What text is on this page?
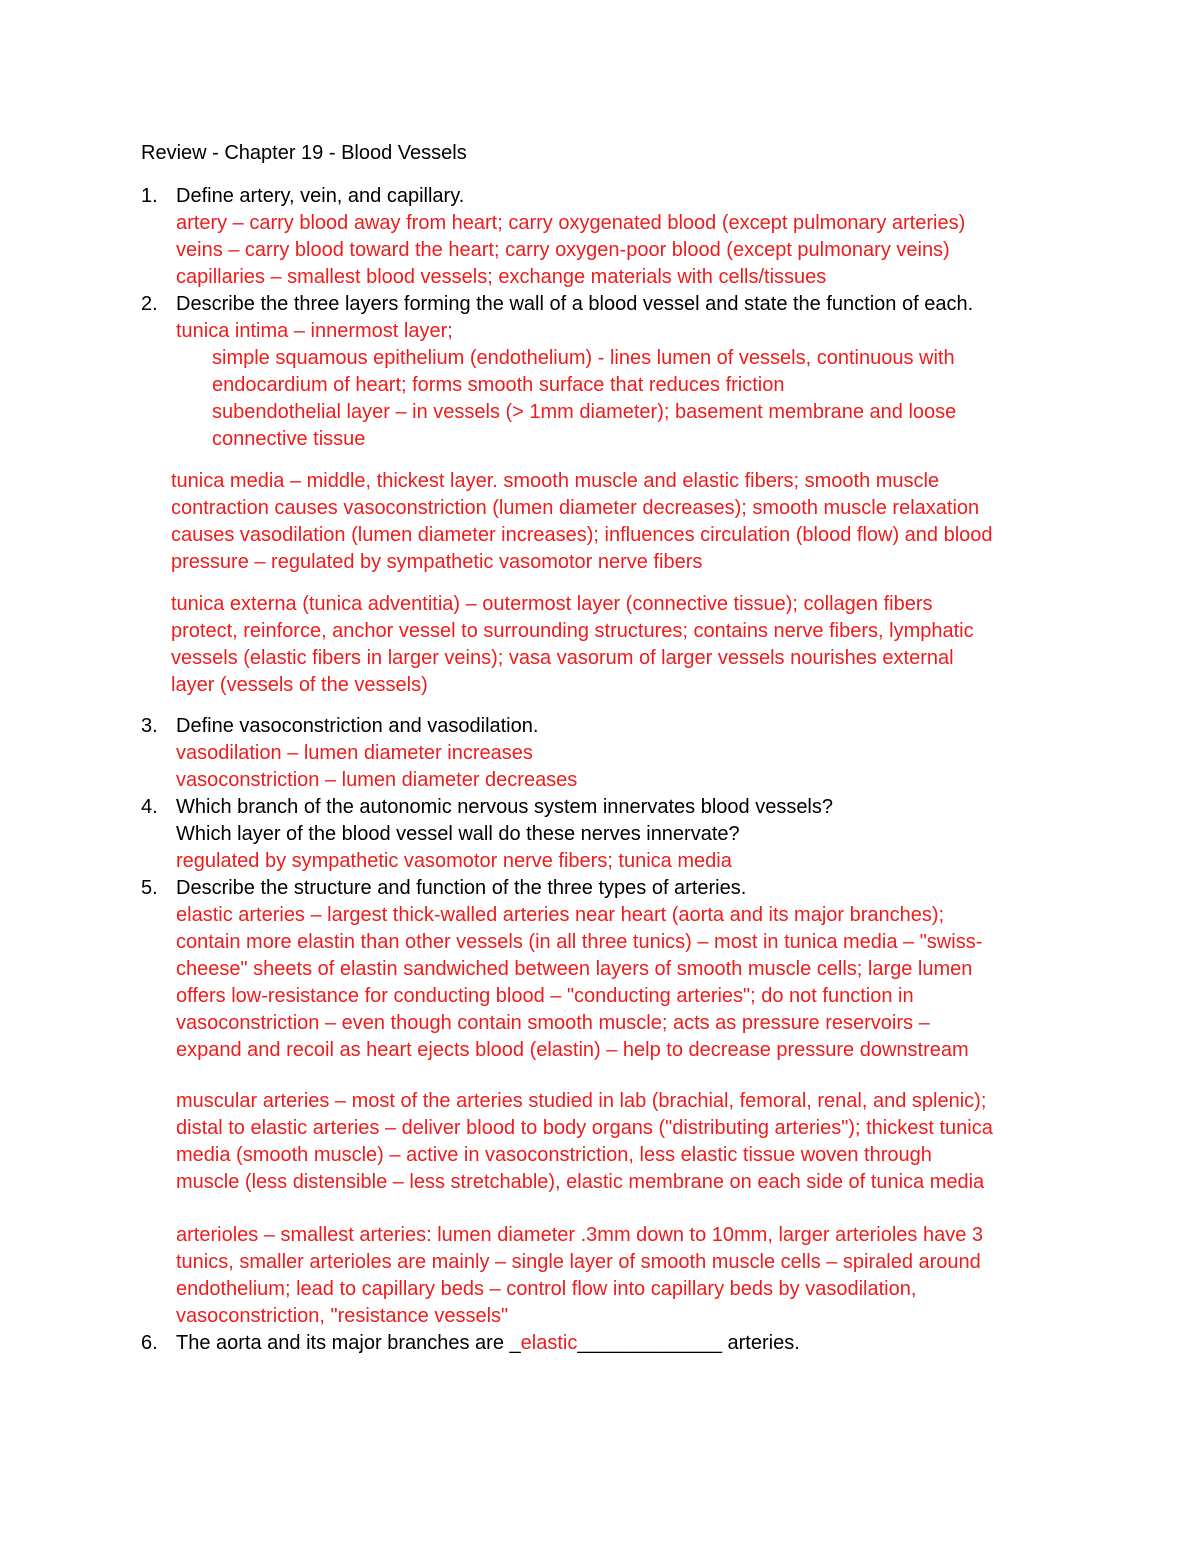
Review - Chapter 19 - Blood Vessels
1. Define artery, vein, and capillary.
artery – carry blood away from heart; carry oxygenated blood (except pulmonary arteries)
veins – carry blood toward the heart; carry oxygen-poor blood (except pulmonary veins)
capillaries – smallest blood vessels; exchange materials with cells/tissues
2. Describe the three layers forming the wall of a blood vessel and state the function of each.
tunica intima – innermost layer;
simple squamous epithelium (endothelium) - lines lumen of vessels, continuous with
endocardium of heart; forms smooth surface that reduces friction
subendothelial layer – in vessels (> 1mm diameter); basement membrane and loose
connective tissue
tunica media – middle, thickest layer. smooth muscle and elastic fibers; smooth muscle
contraction causes vasoconstriction (lumen diameter decreases); smooth muscle relaxation
causes vasodilation (lumen diameter increases); influences circulation (blood flow) and blood
pressure – regulated by sympathetic vasomotor nerve fibers
tunica externa (tunica adventitia) – outermost layer (connective tissue); collagen fibers
protect, reinforce, anchor vessel to surrounding structures; contains nerve fibers, lymphatic
vessels (elastic fibers in larger veins); vasa vasorum of larger vessels nourishes external
layer (vessels of the vessels)
3. Define vasoconstriction and vasodilation.
vasodilation – lumen diameter increases
vasoconstriction – lumen diameter decreases
4. Which branch of the autonomic nervous system innervates blood vessels?
Which layer of the blood vessel wall do these nerves innervate?
regulated by sympathetic vasomotor nerve fibers; tunica media
5. Describe the structure and function of the three types of arteries.
elastic arteries – largest thick-walled arteries near heart (aorta and its major branches);
contain more elastin than other vessels (in all three tunics) – most in tunica media – "swiss-
cheese" sheets of elastin sandwiched between layers of smooth muscle cells; large lumen
offers low-resistance for conducting blood – "conducting arteries"; do not function in
vasoconstriction – even though contain smooth muscle; acts as pressure reservoirs –
expand and recoil as heart ejects blood (elastin) – help to decrease pressure downstream
muscular arteries – most of the arteries studied in lab (brachial, femoral, renal, and splenic);
distal to elastic arteries – deliver blood to body organs ("distributing arteries"); thickest tunica
media (smooth muscle) – active in vasoconstriction, less elastic tissue woven through
muscle (less distensible – less stretchable), elastic membrane on each side of tunica media
arterioles – smallest arteries: lumen diameter .3mm down to 10mm, larger arterioles have 3
tunics, smaller arterioles are mainly – single layer of smooth muscle cells – spiraled around
endothelium; lead to capillary beds – control flow into capillary beds by vasodilation,
vasoconstriction, "resistance vessels"
6. The aorta and its major branches are _elastic_____________ arteries.
